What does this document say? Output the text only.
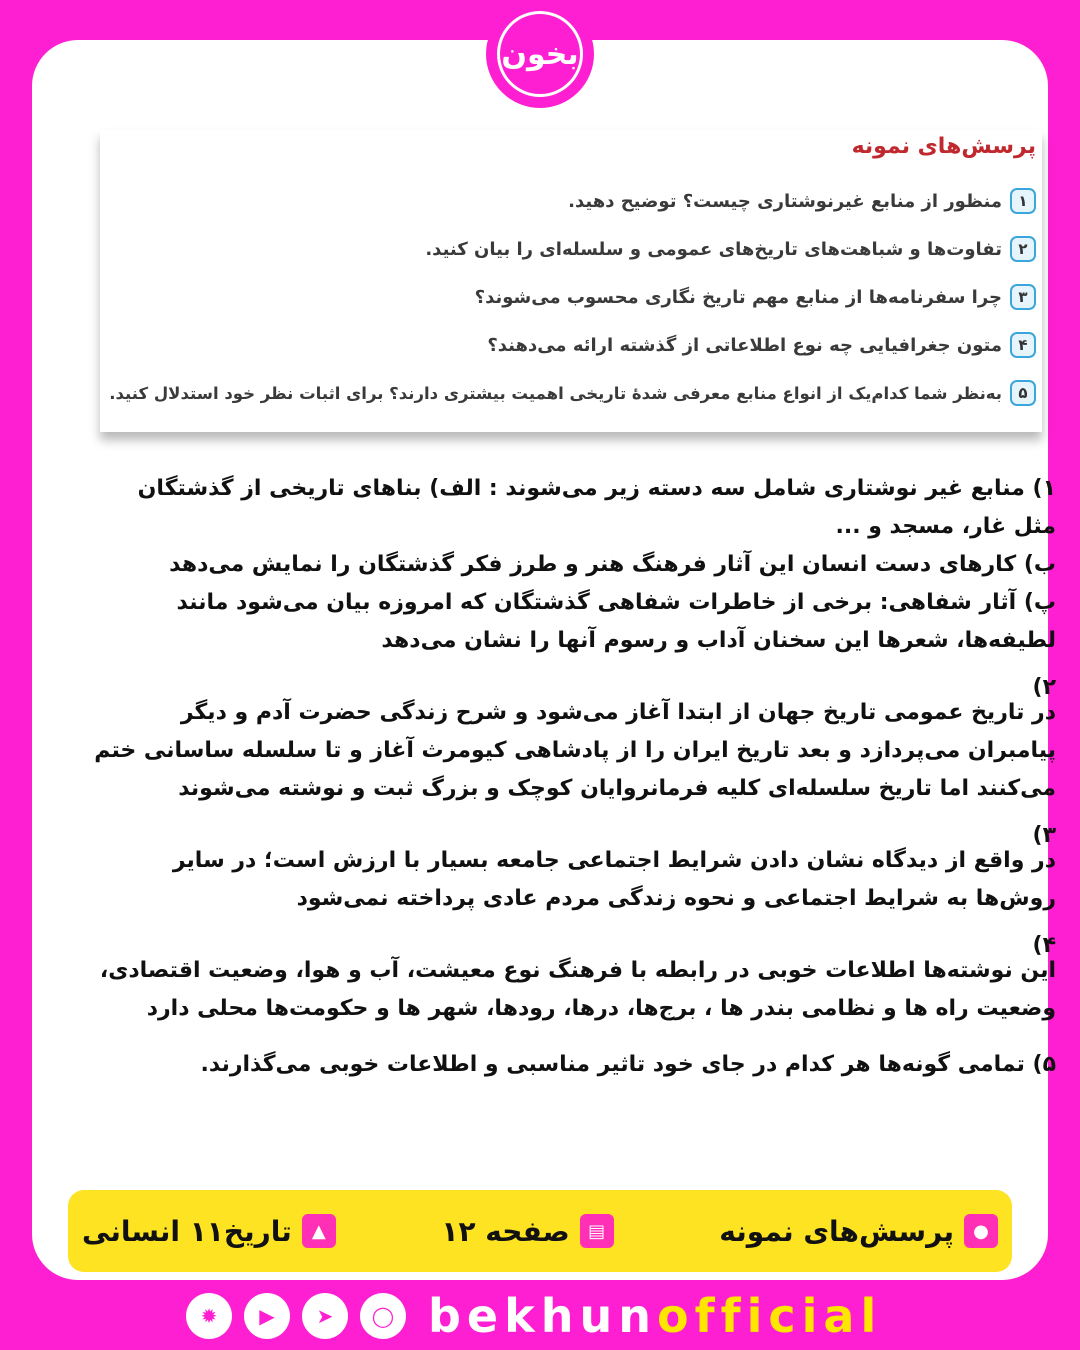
پرسش‌های نمونه
۱
منظور از منابع غیرنوشتاری چیست؟ توضیح دهید.
۲
تفاوت‌ها و شباهت‌های تاریخ‌های عمومی و سلسله‌ای را بیان کنید.
۳
چرا سفرنامه‌ها از منابع مهم تاریخ نگاری محسوب می‌شوند؟
۴
متون جغرافیایی چه نوع اطلاعاتی از گذشته ارائه می‌دهند؟
۵
به‌نظر شما کدام‌یک از انواع منابع معرفی شدهٔ تاریخی اهمیت بیشتری دارند؟ برای اثبات نظر خود استدلال کنید.

۱) منابع غیر نوشتاری شامل سه دسته زیر می‌شوند : الف) بناهای تاریخی از گذشتگان مثل غار، مسجد و ...

ب) کارهای دست انسان این آثار فرهنگ هنر و طرز فکر گذشتگان را نمایش می‌دهد

پ) آثار شفاهی: برخی از خاطرات شفاهی گذشتگان که امروزه بیان می‌شود مانند لطیفه‌ها، شعرها این سخنان آداب و رسوم آنها را نشان می‌دهد

۲)

در تاریخ عمومی تاریخ جهان از ابتدا آغاز می‌شود و شرح زندگی حضرت آدم و دیگر پیامبران می‌پردازد و بعد تاریخ ایران را از پادشاهی کیومرث آغاز و تا سلسله ساسانی ختم می‌کنند اما تاریخ سلسله‌ای کلیه فرمانروایان کوچک و بزرگ ثبت و نوشته می‌شوند

۳)

در واقع از دیدگاه نشان دادن شرایط اجتماعی جامعه بسیار با ارزش است؛ در سایر روش‌ها به شرایط اجتماعی و نحوه زندگی مردم عادی پرداخته نمی‌شود

۴)

این نوشته‌ها اطلاعات خوبی در رابطه با فرهنگ نوع معیشت، آب و هوا، وضعیت اقتصادی، وضعیت راه ها و نظامی بندر ها ، برج‌ها، درها، رودها، شهر ها و حکومت‌ها محلی دارد

۵) تمامی گونه‌ها هر کدام در جای خود تاثیر مناسبی و اطلاعات خوبی می‌گذارند.

بخون
●
پرسش‌های نمونه
▤
صفحه ۱۲
▲
تاریخ۱۱ انسانی
✹	▶	➤	◯ bekhunofficial
